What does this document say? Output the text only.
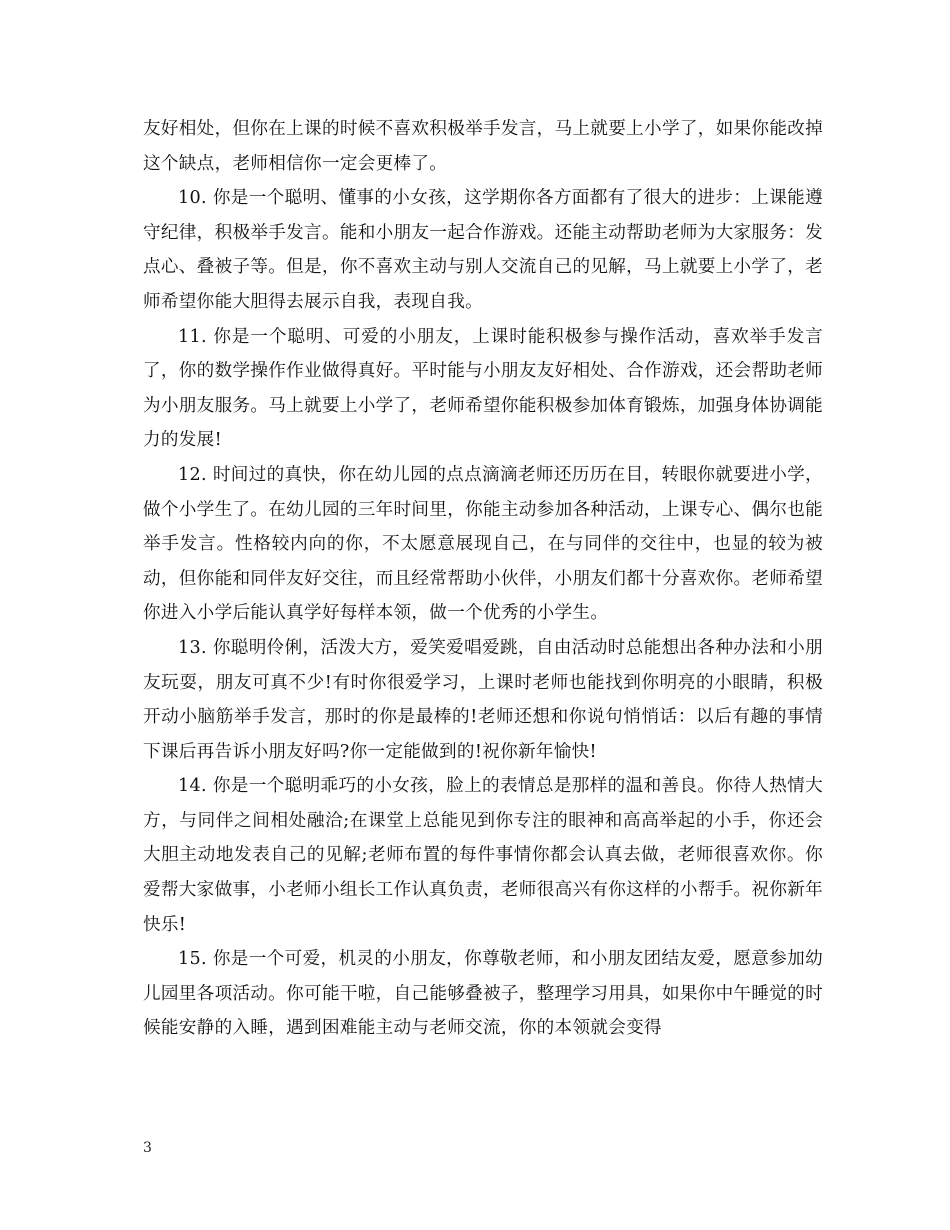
友好相处，但你在上课的时候不喜欢积极举手发言，马上就要上小学了，如果你能改掉这个缺点，老师相信你一定会更棒了。

10. 你是一个聪明、懂事的小女孩，这学期你各方面都有了很大的进步：上课能遵守纪律，积极举手发言。能和小朋友一起合作游戏。还能主动帮助老师为大家服务：发点心、叠被子等。但是，你不喜欢主动与别人交流自己的见解，马上就要上小学了，老师希望你能大胆得去展示自我，表现自我。

11. 你是一个聪明、可爱的小朋友，上课时能积极参与操作活动，喜欢举手发言了，你的数学操作作业做得真好。平时能与小朋友友好相处、合作游戏，还会帮助老师为小朋友服务。马上就要上小学了，老师希望你能积极参加体育锻炼，加强身体协调能力的发展!

12. 时间过的真快，你在幼儿园的点点滴滴老师还历历在目，转眼你就要进小学，做个小学生了。在幼儿园的三年时间里，你能主动参加各种活动，上课专心、偶尔也能举手发言。性格较内向的你，不太愿意展现自己，在与同伴的交往中，也显的较为被动，但你能和同伴友好交往，而且经常帮助小伙伴，小朋友们都十分喜欢你。老师希望你进入小学后能认真学好每样本领，做一个优秀的小学生。

13. 你聪明伶俐，活泼大方，爱笑爱唱爱跳，自由活动时总能想出各种办法和小朋友玩耍，朋友可真不少!有时你很爱学习，上课时老师也能找到你明亮的小眼睛，积极开动小脑筋举手发言，那时的你是最棒的!老师还想和你说句悄悄话：以后有趣的事情下课后再告诉小朋友好吗?你一定能做到的!祝你新年愉快!

14. 你是一个聪明乖巧的小女孩，脸上的表情总是那样的温和善良。你待人热情大方，与同伴之间相处融洽;在课堂上总能见到你专注的眼神和高高举起的小手，你还会大胆主动地发表自己的见解;老师布置的每件事情你都会认真去做，老师很喜欢你。你爱帮大家做事，小老师小组长工作认真负责，老师很高兴有你这样的小帮手。祝你新年快乐!

15. 你是一个可爱，机灵的小朋友，你尊敬老师，和小朋友团结友爱，愿意参加幼儿园里各项活动。你可能干啦，自己能够叠被子，整理学习用具，如果你中午睡觉的时候能安静的入睡，遇到困难能主动与老师交流，你的本领就会变得

3
